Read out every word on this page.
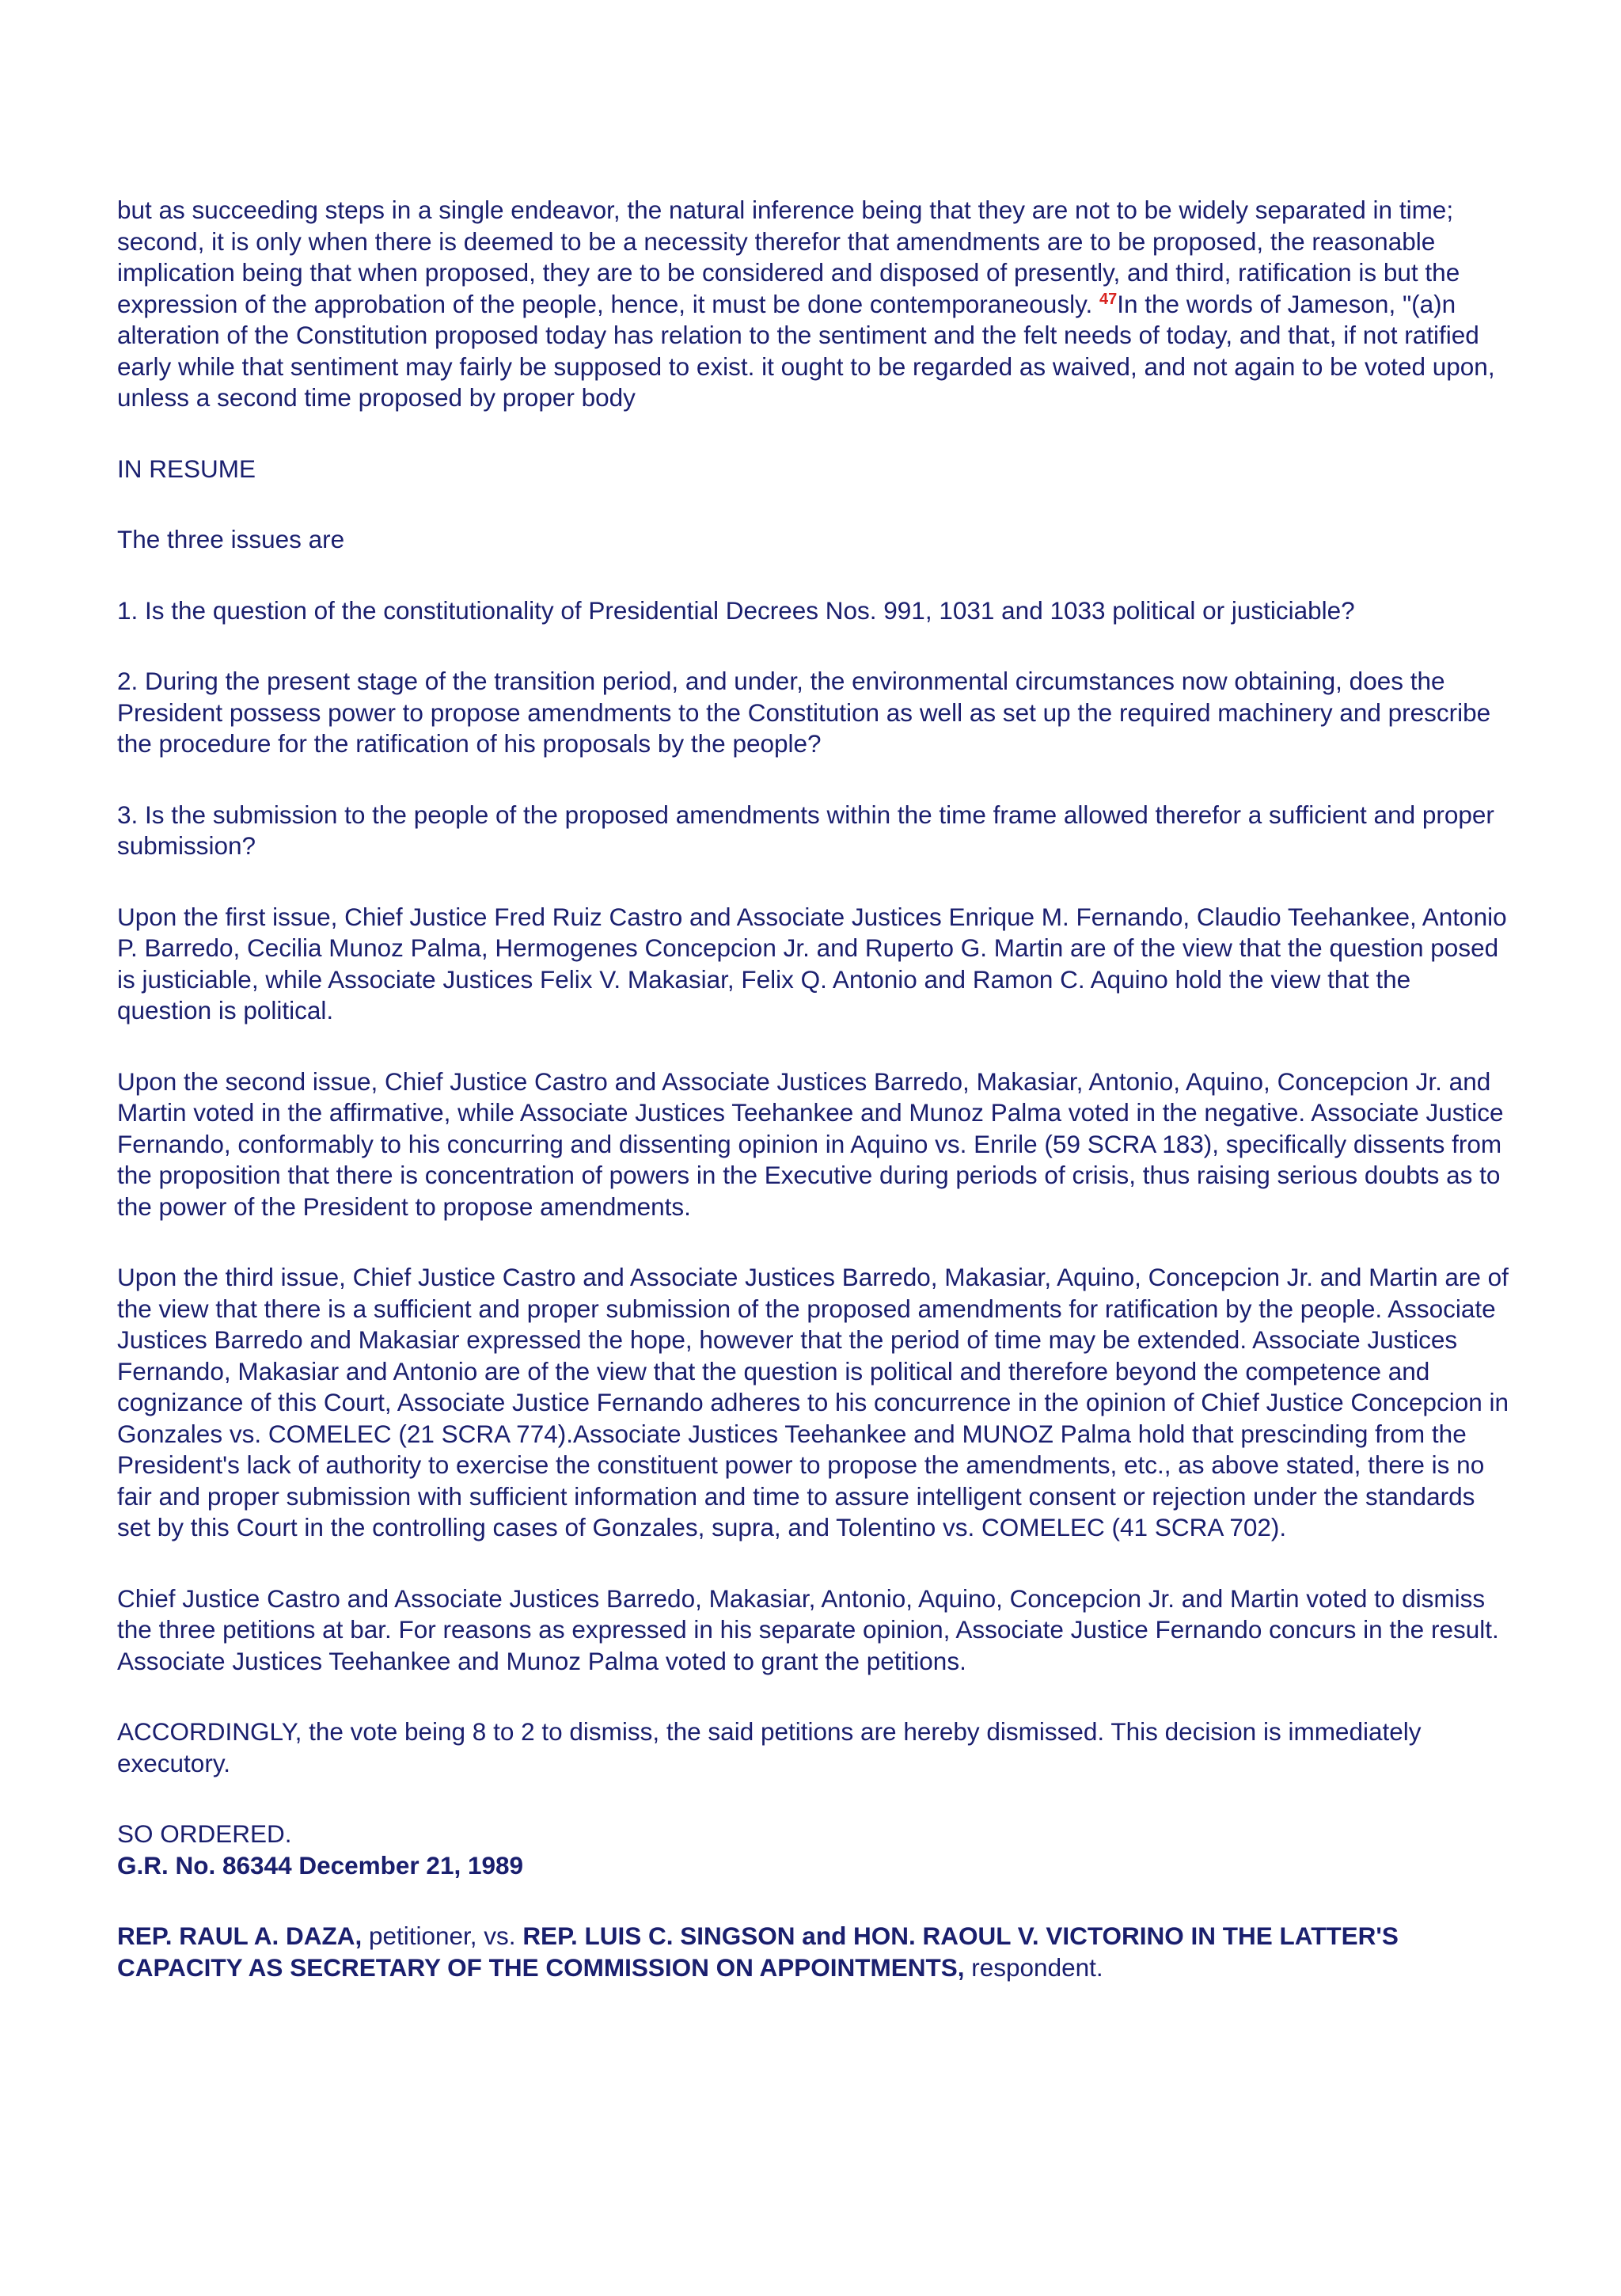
but as succeeding steps in a single endeavor, the natural inference being that they are not to be widely separated in time; second, it is only when there is deemed to be a necessity therefor that amendments are to be proposed, the reasonable implication being that when proposed, they are to be considered and disposed of presently, and third, ratification is but the expression of the approbation of the people, hence, it must be done contemporaneously. $^{47}$In the words of Jameson, "(a)n alteration of the Constitution proposed today has relation to the sentiment and the felt needs of today, and that, if not ratified early while that sentiment may fairly be supposed to exist. it ought to be regarded as waived, and not again to be voted upon, unless a second time proposed by proper body

IN RESUME

The three issues are

1. Is the question of the constitutionality of Presidential Decrees Nos. 991, 1031 and 1033 political or justiciable?

2. During the present stage of the transition period, and under, the environmental circumstances now obtaining, does the President possess power to propose amendments to the Constitution as well as set up the required machinery and prescribe the procedure for the ratification of his proposals by the people?

3. Is the submission to the people of the proposed amendments within the time frame allowed therefor a sufficient and proper submission?

Upon the first issue, Chief Justice Fred Ruiz Castro and Associate Justices Enrique M. Fernando, Claudio Teehankee, Antonio P. Barredo, Cecilia Munoz Palma, Hermogenes Concepcion Jr. and Ruperto G. Martin are of the view that the question posed is justiciable, while Associate Justices Felix V. Makasiar, Felix Q. Antonio and Ramon C. Aquino hold the view that the question is political.

Upon the second issue, Chief Justice Castro and Associate Justices Barredo, Makasiar, Antonio, Aquino, Concepcion Jr. and Martin voted in the affirmative, while Associate Justices Teehankee and Munoz Palma voted in the negative. Associate Justice Fernando, conformably to his concurring and dissenting opinion in Aquino vs. Enrile (59 SCRA 183), specifically dissents from the proposition that there is concentration of powers in the Executive during periods of crisis, thus raising serious doubts as to the power of the President to propose amendments.

Upon the third issue, Chief Justice Castro and Associate Justices Barredo, Makasiar, Aquino, Concepcion Jr. and Martin are of the view that there is a sufficient and proper submission of the proposed amendments for ratification by the people. Associate Justices Barredo and Makasiar expressed the hope, however that the period of time may be extended. Associate Justices Fernando, Makasiar and Antonio are of the view that the question is political and therefore beyond the competence and cognizance of this Court, Associate Justice Fernando adheres to his concurrence in the opinion of Chief Justice Concepcion in Gonzales vs. COMELEC (21 SCRA 774).Associate Justices Teehankee and MUNOZ Palma hold that prescinding from the President's lack of authority to exercise the constituent power to propose the amendments, etc., as above stated, there is no fair and proper submission with sufficient information and time to assure intelligent consent or rejection under the standards set by this Court in the controlling cases of Gonzales, supra, and Tolentino vs. COMELEC (41 SCRA 702).

Chief Justice Castro and Associate Justices Barredo, Makasiar, Antonio, Aquino, Concepcion Jr. and Martin voted to dismiss the three petitions at bar. For reasons as expressed in his separate opinion, Associate Justice Fernando concurs in the result. Associate Justices Teehankee and Munoz Palma voted to grant the petitions.

ACCORDINGLY, the vote being 8 to 2 to dismiss, the said petitions are hereby dismissed. This decision is immediately executory.

SO ORDERED.

G.R. No. 86344 December 21, 1989

REP. RAUL A. DAZA, petitioner, vs. REP. LUIS C. SINGSON and HON. RAOUL V. VICTORINO IN THE LATTER'S CAPACITY AS SECRETARY OF THE COMMISSION ON APPOINTMENTS, respondent.
